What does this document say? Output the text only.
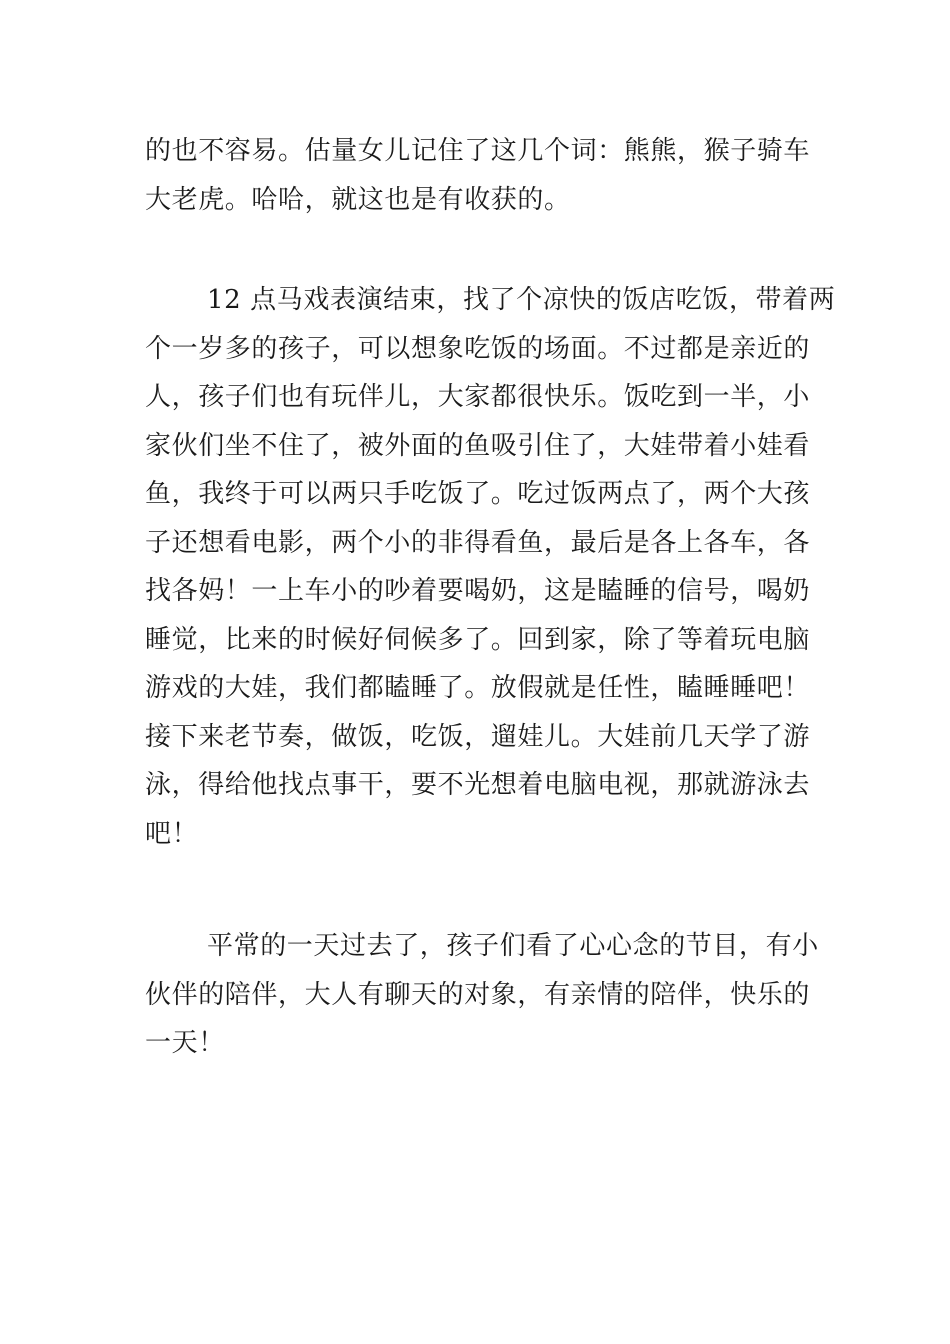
的也不容易。估量女儿记住了这几个词：熊熊，猴子骑车
大老虎。哈哈，就这也是有收获的。
12 点马戏表演结束，找了个凉快的饭店吃饭，带着两
个一岁多的孩子，可以想象吃饭的场面。不过都是亲近的
人，孩子们也有玩伴儿，大家都很快乐。饭吃到一半，小
家伙们坐不住了，被外面的鱼吸引住了，大娃带着小娃看
鱼，我终于可以两只手吃饭了。吃过饭两点了，两个大孩
子还想看电影，两个小的非得看鱼，最后是各上各车，各
找各妈！一上车小的吵着要喝奶，这是瞌睡的信号，喝奶
睡觉，比来的时候好伺候多了。回到家，除了等着玩电脑
游戏的大娃，我们都瞌睡了。放假就是任性，瞌睡睡吧！
接下来老节奏，做饭，吃饭，遛娃儿。大娃前几天学了游
泳，得给他找点事干，要不光想着电脑电视，那就游泳去
吧！
平常的一天过去了，孩子们看了心心念的节目，有小
伙伴的陪伴，大人有聊天的对象，有亲情的陪伴，快乐的
一天！
